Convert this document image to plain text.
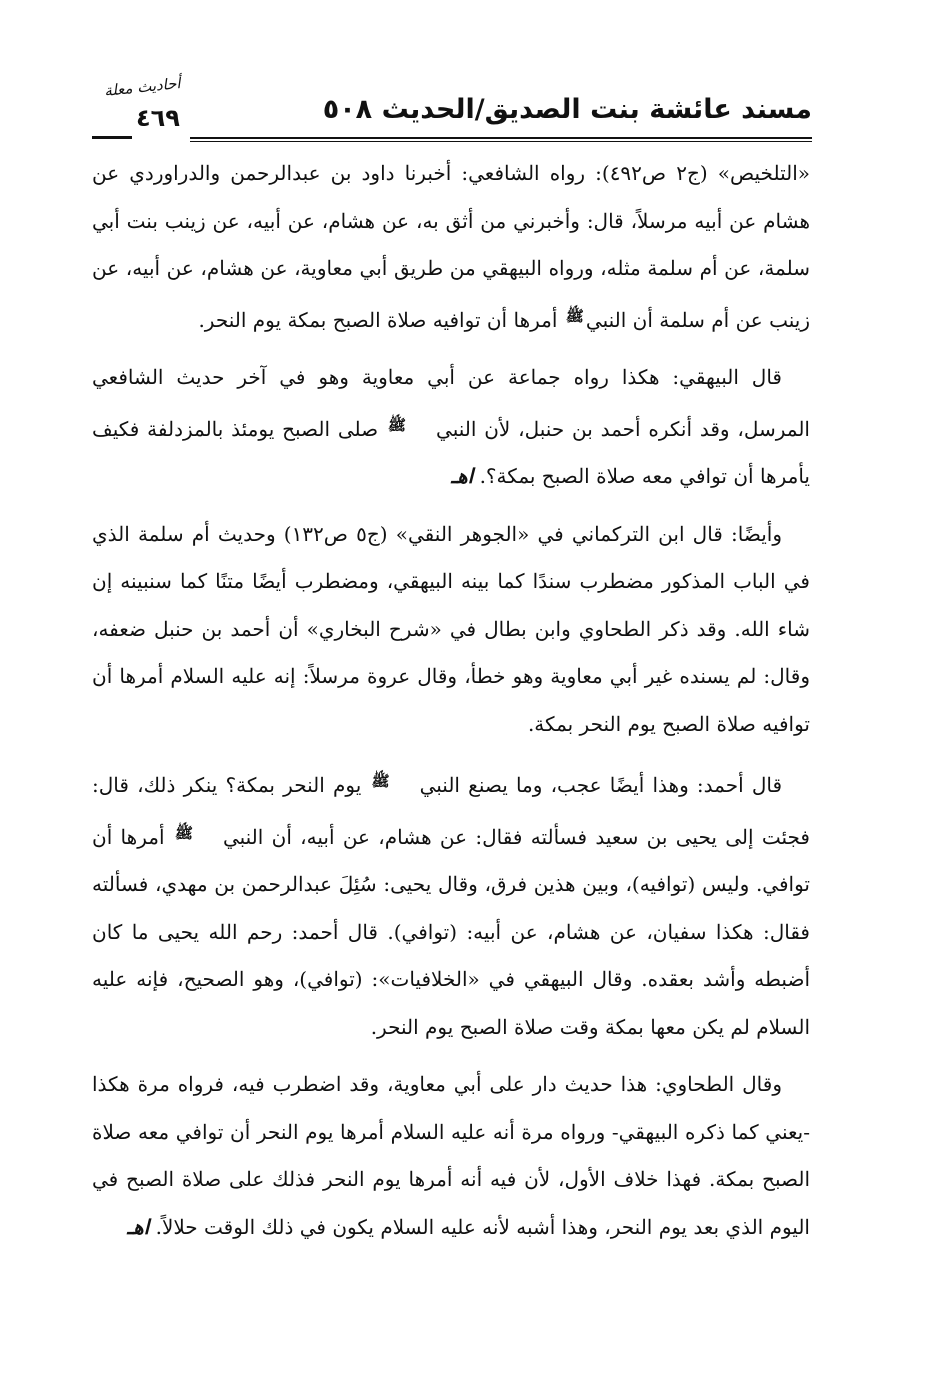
أحاديث معلة
٤٦٩	مسند عائشة بنت الصديق/الحديث ٥٠٨

«التلخيص» (ج٢ ص٤٩٢): رواه الشافعي: أخبرنا داود بن عبدالرحمن والدراوردي عن هشام عن أبيه مرسلاً، قال: وأخبرني من أثق به، عن هشام، عن أبيه، عن زينب بنت أبي سلمة، عن أم سلمة مثله، ورواه البيهقي من طريق أبي معاوية، عن هشام، عن أبيه، عن زينب عن أم سلمة أن النبيﷺ أمرها أن توافيه صلاة الصبح بمكة يوم النحر.

قال البيهقي: هكذا رواه جماعة عن أبي معاوية وهو في آخر حديث الشافعي المرسل، وقد أنكره أحمد بن حنبل، لأن النبيﷺ صلى الصبح يومئذ بالمزدلفة فكيف يأمرها أن توافي معه صلاة الصبح بمكة؟. اهـ

وأيضًا: قال ابن التركماني في «الجوهر النقي» (ج٥ ص١٣٢) وحديث أم سلمة الذي في الباب المذكور مضطرب سندًا كما بينه البيهقي، ومضطرب أيضًا متنًا كما سنبينه إن شاء الله. وقد ذكر الطحاوي وابن بطال في «شرح البخاري» أن أحمد بن حنبل ضعفه، وقال: لم يسنده غير أبي معاوية وهو خطأ، وقال عروة مرسلاً: إنه عليه السلام أمرها أن توافيه صلاة الصبح يوم النحر بمكة.

قال أحمد: وهذا أيضًا عجب، وما يصنع النبيﷺ يوم النحر بمكة؟ ينكر ذلك، قال: فجئت إلى يحيى بن سعيد فسألته فقال: عن هشام، عن أبيه، أن النبيﷺ أمرها أن توافي. وليس (توافيه)، وبين هذين فرق، وقال يحيى: سُئِلَ عبدالرحمن بن مهدي، فسألته فقال: هكذا سفيان، عن هشام، عن أبيه: (توافي). قال أحمد: رحم الله يحيى ما كان أضبطه وأشد بعقده. وقال البيهقي في «الخلافيات»: (توافي)، وهو الصحيح، فإنه عليه السلام لم يكن معها بمكة وقت صلاة الصبح يوم النحر.

وقال الطحاوي: هذا حديث دار على أبي معاوية، وقد اضطرب فيه، فرواه مرة هكذا -يعني كما ذكره البيهقي- ورواه مرة أنه عليه السلام أمرها يوم النحر أن توافي معه صلاة الصبح بمكة. فهذا خلاف الأول، لأن فيه أنه أمرها يوم النحر فذلك على صلاة الصبح في اليوم الذي بعد يوم النحر، وهذا أشبه لأنه عليه السلام يكون في ذلك الوقت حلالاً. اهـ
